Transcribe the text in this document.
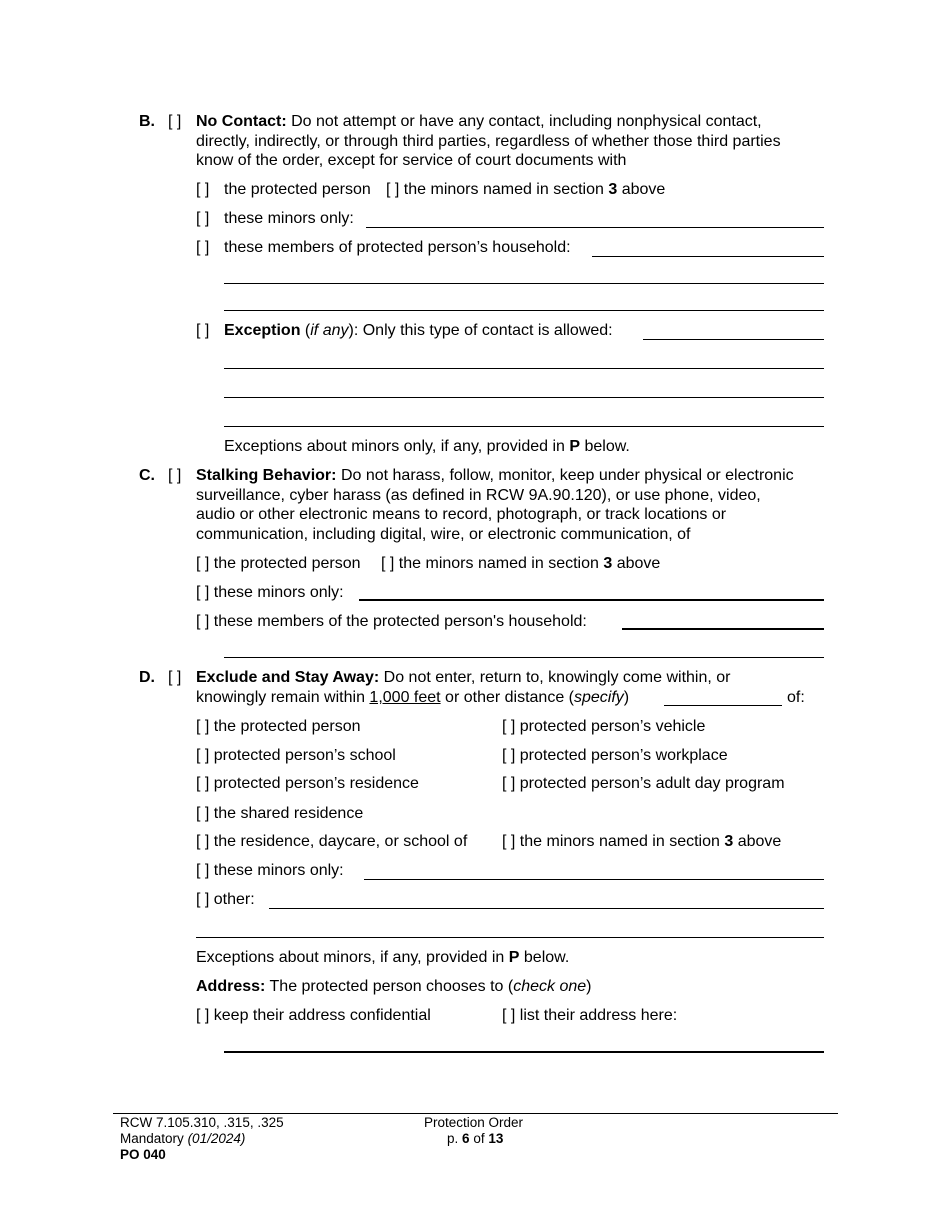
B. [ ] No Contact: Do not attempt or have any contact, including nonphysical contact,
directly, indirectly, or through third parties, regardless of whether those third parties
know of the order, except for service of court documents with
[ ] the protected person [ ] the minors named in section 3 above
[ ] these minors only:
[ ] these members of protected person’s household:
[ ] Exception (if any): Only this type of contact is allowed:
Exceptions about minors only, if any, provided in P below.
C. [ ] Stalking Behavior: Do not harass, follow, monitor, keep under physical or electronic
surveillance, cyber harass (as defined in RCW 9A.90.120), or use phone, video,
audio or other electronic means to record, photograph, or track locations or
communication, including digital, wire, or electronic communication, of
[ ] the protected person [ ] the minors named in section 3 above
[ ] these minors only:
[ ] these members of the protected person's household:
D. [ ] Exclude and Stay Away: Do not enter, return to, knowingly come within, or
knowingly remain within 1,000 feet or other distance (specify)	of:
[ ] the protected person	[ ] protected person’s vehicle
[ ] protected person’s school	[ ] protected person’s workplace
[ ] protected person’s residence	[ ] protected person’s adult day program
[ ] the shared residence
[ ] the residence, daycare, or school of [ ] the minors named in section 3 above
[ ] these minors only:
[ ] other:
Exceptions about minors, if any, provided in P below.
Address: The protected person chooses to (check one)
[ ] keep their address confidential	[ ] list their address here:
RCW 7.105.310, .315, .325
Mandatory (01/2024)
PO 040
Protection Order
p. 6 of 13
